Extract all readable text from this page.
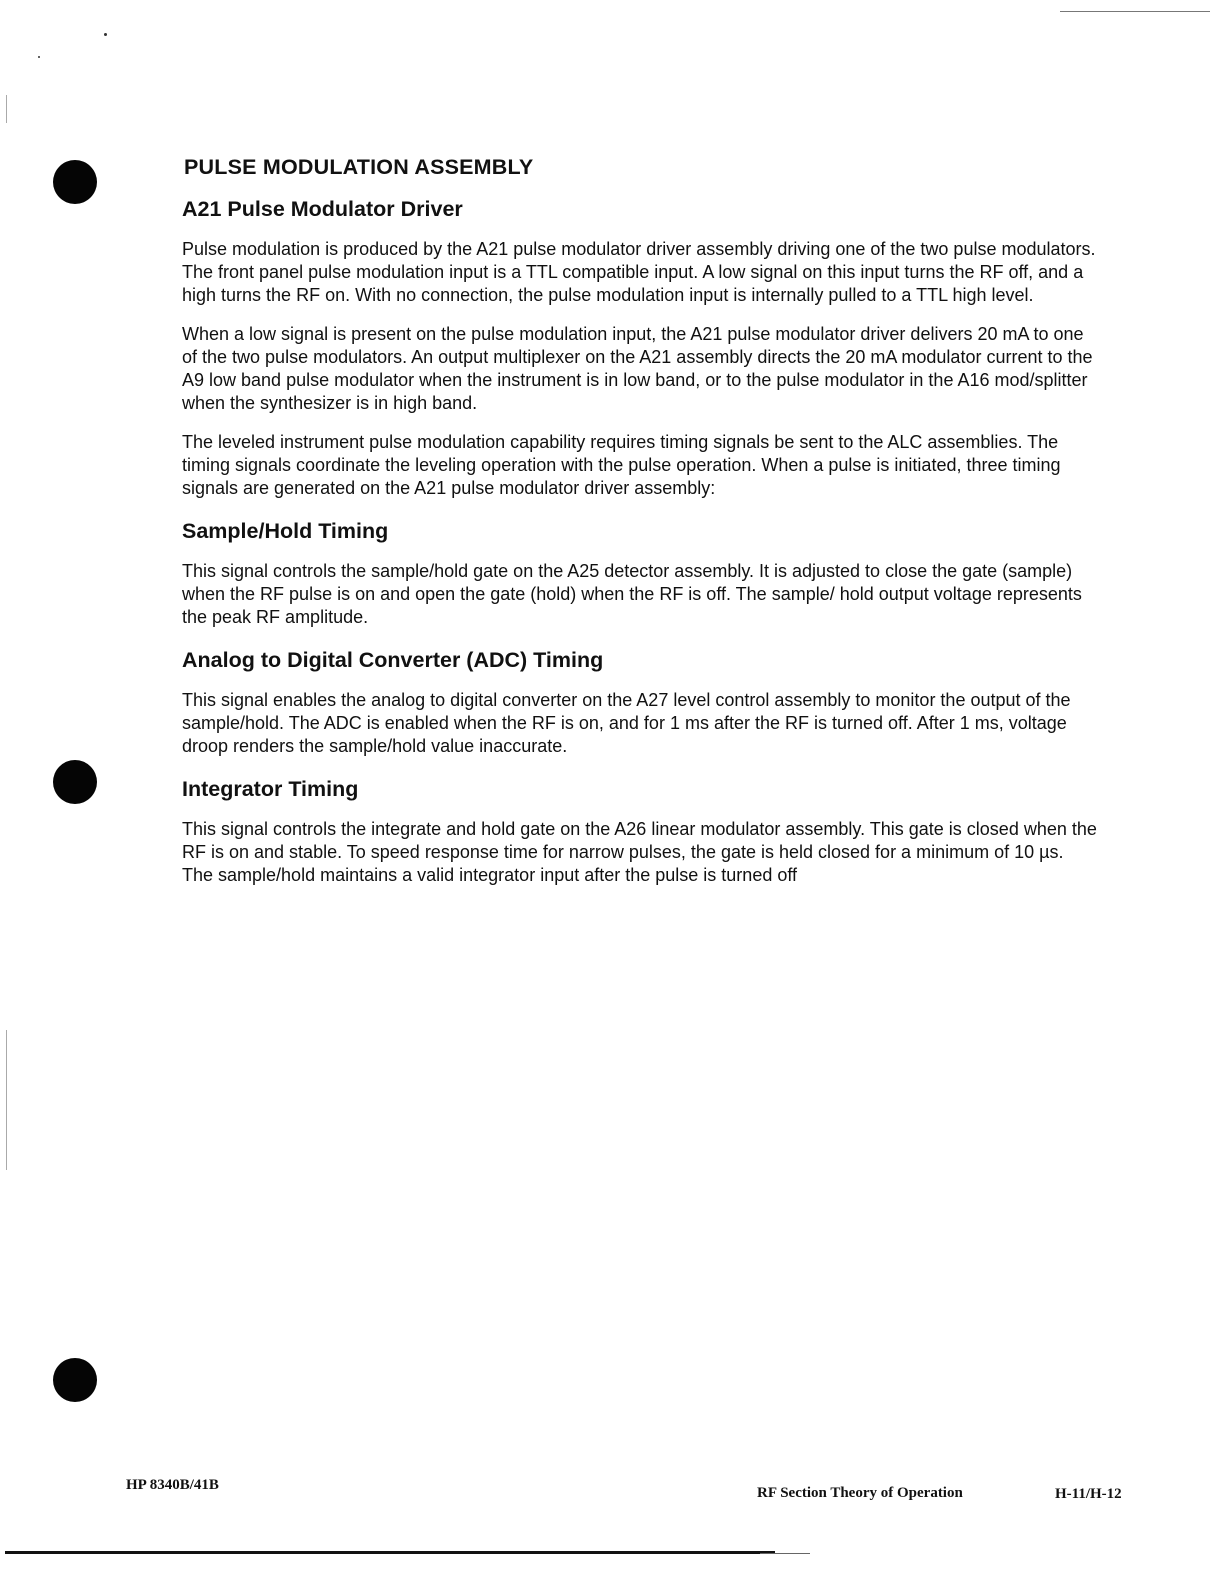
PULSE MODULATION ASSEMBLY
A21 Pulse Modulator Driver

Pulse modulation is produced by the A21 pulse modulator driver assembly driving one of the two pulse modulators. The front panel pulse modulation input is a TTL compatible input. A low signal on this input turns the RF off, and a high turns the RF on. With no connection, the pulse modulation input is internally pulled to a TTL high level.

When a low signal is present on the pulse modulation input, the A21 pulse modulator driver delivers 20 mA to one of the two pulse modulators. An output multiplexer on the A21 assembly directs the 20 mA modulator current to the A9 low band pulse modulator when the instrument is in low band, or to the pulse modulator in the A16 mod/splitter when the synthesizer is in high band.

The leveled instrument pulse modulation capability requires timing signals be sent to the ALC assemblies. The timing signals coordinate the leveling operation with the pulse operation. When a pulse is initiated, three timing signals are generated on the A21 pulse modulator driver assembly:

Sample/Hold Timing

This signal controls the sample/hold gate on the A25 detector assembly. It is adjusted to close the gate (sample) when the RF pulse is on and open the gate (hold) when the RF is off. The sample/ hold output voltage represents the peak RF amplitude.

Analog to Digital Converter (ADC) Timing

This signal enables the analog to digital converter on the A27 level control assembly to monitor the output of the sample/hold. The ADC is enabled when the RF is on, and for 1 ms after the RF is turned off. After 1 ms, voltage droop renders the sample/hold value inaccurate.

Integrator Timing

This signal controls the integrate and hold gate on the A26 linear modulator assembly. This gate is closed when the RF is on and stable. To speed response time for narrow pulses, the gate is held closed for a minimum of 10 µs. The sample/hold maintains a valid integrator input after the pulse is turned off

HP 8340B/41B	RF Section Theory of Operation	H-11/H-12
